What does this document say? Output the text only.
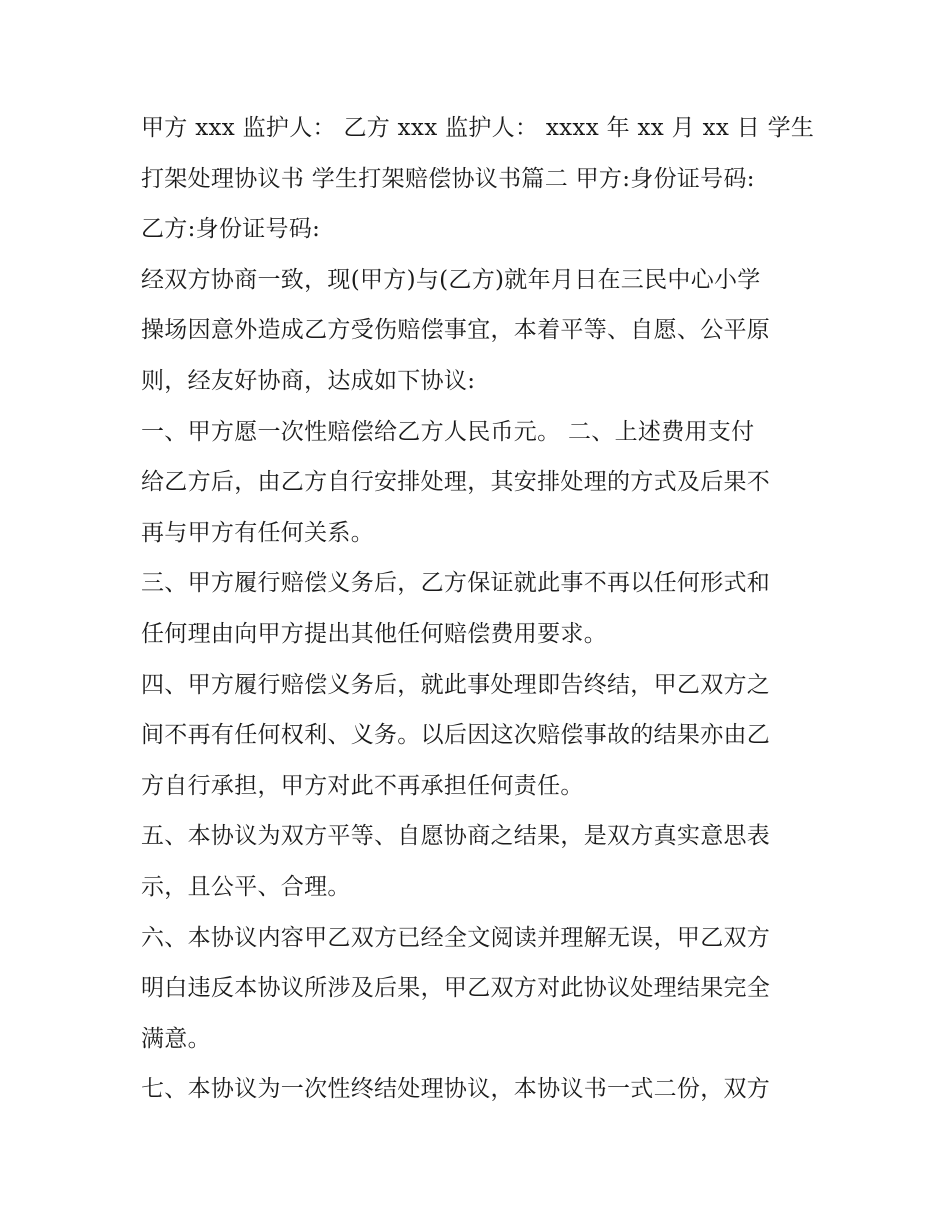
甲方 xxx 监护人： 乙方 xxx 监护人： xxxx 年 xx 月 xx 日 学生
打架处理协议书 学生打架赔偿协议书篇二 甲方:身份证号码:
乙方:身份证号码:
经双方协商一致，现(甲方)与(乙方)就年月日在三民中心小学
操场因意外造成乙方受伤赔偿事宜，本着平等、自愿、公平原
则，经友好协商，达成如下协议:
一、甲方愿一次性赔偿给乙方人民币元。 二、上述费用支付
给乙方后，由乙方自行安排处理，其安排处理的方式及后果不
再与甲方有任何关系。
三、甲方履行赔偿义务后，乙方保证就此事不再以任何形式和
任何理由向甲方提出其他任何赔偿费用要求。
四、甲方履行赔偿义务后，就此事处理即告终结，甲乙双方之
间不再有任何权利、义务。以后因这次赔偿事故的结果亦由乙
方自行承担，甲方对此不再承担任何责任。
五、本协议为双方平等、自愿协商之结果，是双方真实意思表
示，且公平、合理。
六、本协议内容甲乙双方已经全文阅读并理解无误，甲乙双方
明白违反本协议所涉及后果，甲乙双方对此协议处理结果完全
满意。
七、本协议为一次性终结处理协议，本协议书一式二份，双方
